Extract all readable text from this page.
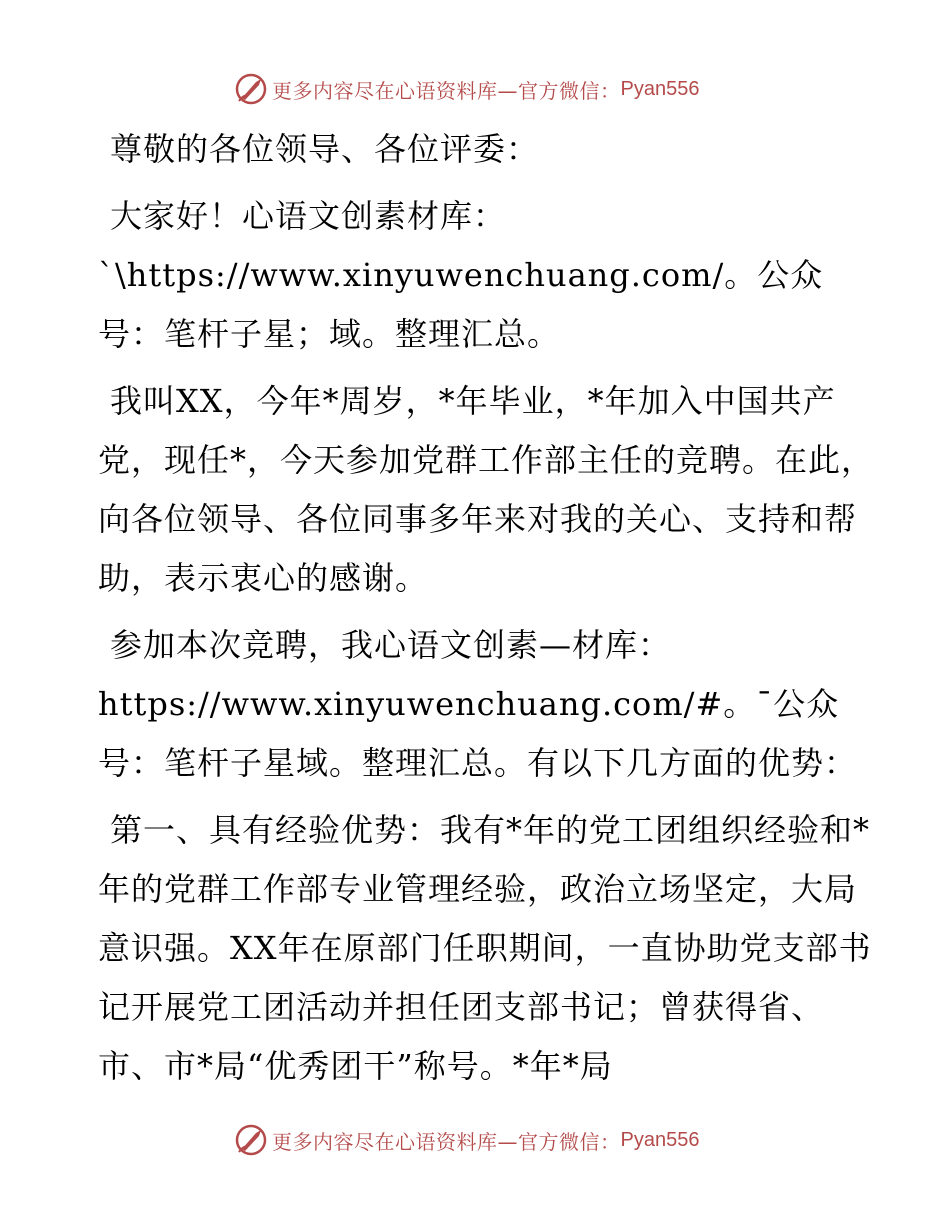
更多内容尽在心语资料库—官方微信： Pyan556

尊敬的各位领导、各位评委：

大家好！心语文创素材库：`\https://www.xinyuwenchuang.com/。公众号：笔杆子星；域。整理汇总。

我叫XX，今年*周岁，*年毕业，*年加入中国共产党，现任*，今天参加党群工作部主任的竞聘。在此，向各位领导、各位同事多年来对我的关心、支持和帮助，表示衷心的感谢。

参加本次竞聘，我心语文创素—材库：https://www.xinyuwenchuang.com/#。¯公众号：笔杆子星域。整理汇总。有以下几方面的优势：

第一、具有经验优势：我有*年的党工团组织经验和*年的党群工作部专业管理经验，政治立场坚定，大局意识强。XX年在原部门任职期间，一直协助党支部书记开展党工团活动并担任团支部书记；曾获得省、市、市*局“优秀团干”称号。*年*局

更多内容尽在心语资料库—官方微信： Pyan556
